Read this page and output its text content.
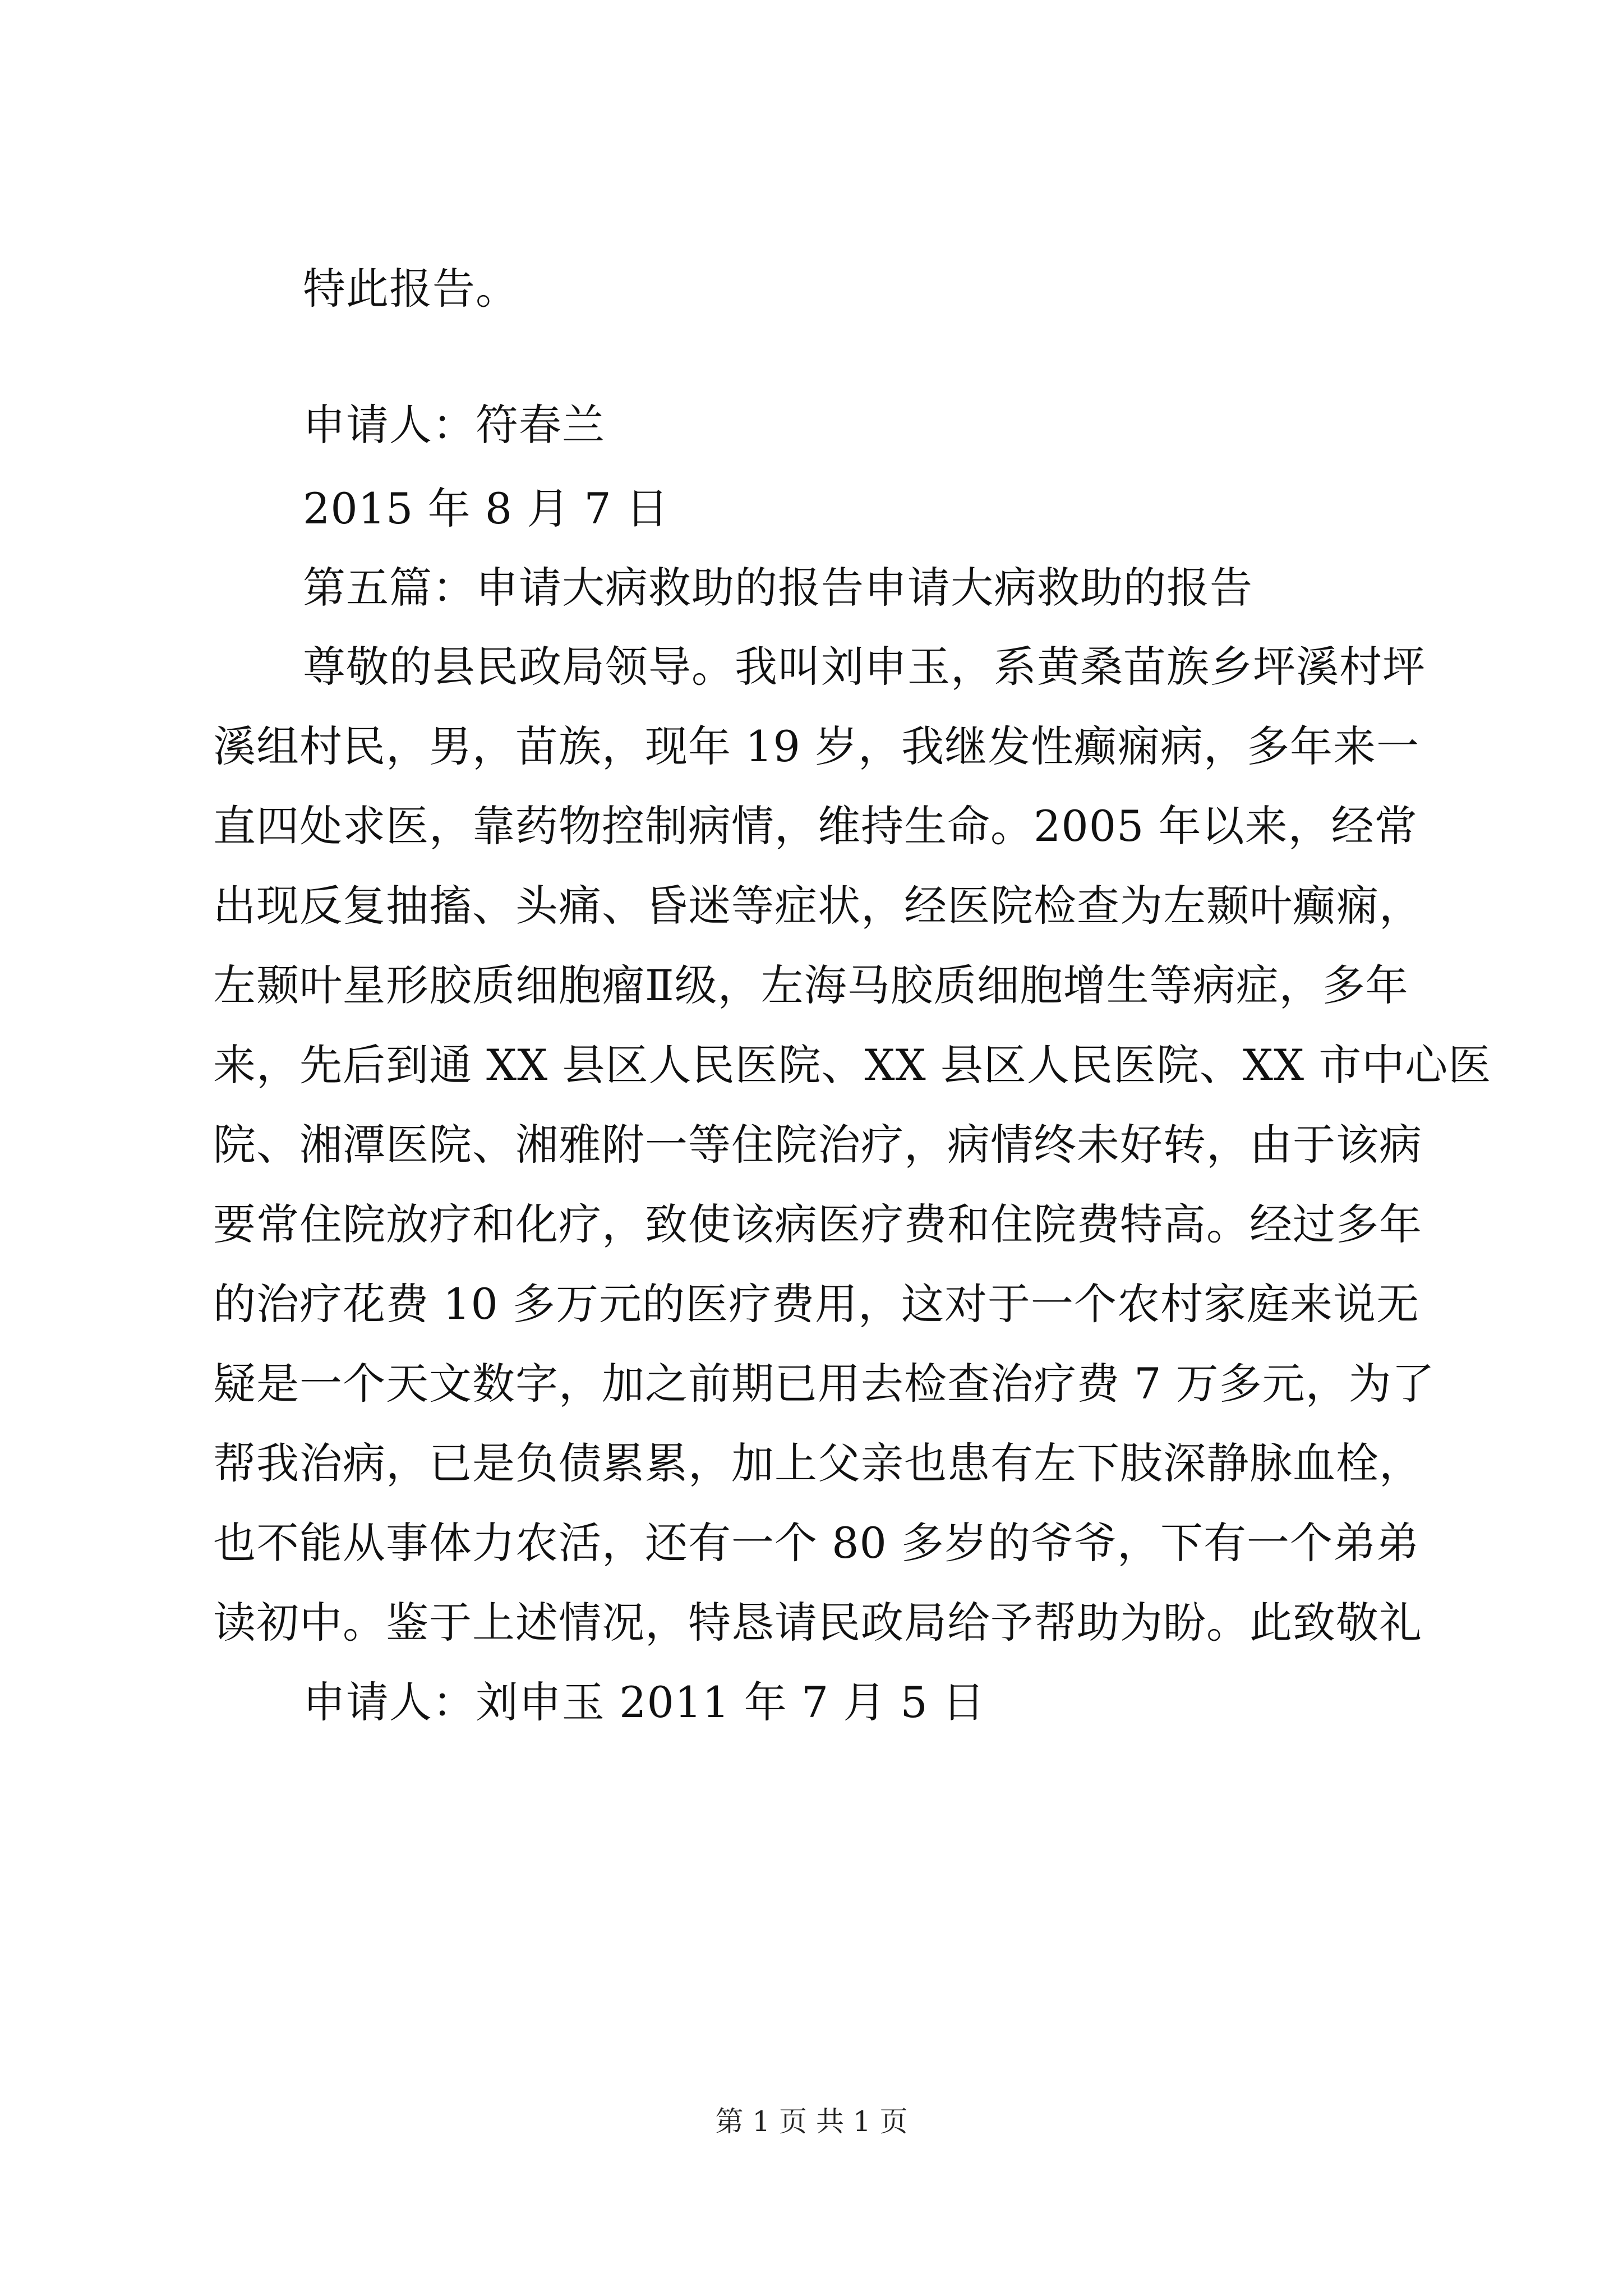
特此报告。
申请人：符春兰
2015 年 8 月 7 日
第五篇：申请大病救助的报告申请大病救助的报告
尊敬的县民政局领导。我叫刘申玉，系黄桑苗族乡坪溪村坪
溪组村民，男，苗族，现年 19 岁，我继发性癫痫病，多年来一
直四处求医，靠药物控制病情，维持生命。2005 年以来，经常
出现反复抽搐、头痛、昏迷等症状，经医院检查为左颞叶癫痫，
左颞叶星形胶质细胞瘤Ⅱ级，左海马胶质细胞增生等病症，多年
来，先后到通 XX 县区人民医院、XX 县区人民医院、XX 市中心医
院、湘潭医院、湘雅附一等住院治疗，病情终未好转，由于该病
要常住院放疗和化疗，致使该病医疗费和住院费特高。经过多年
的治疗花费 10 多万元的医疗费用，这对于一个农村家庭来说无
疑是一个天文数字，加之前期已用去检查治疗费 7 万多元，为了
帮我治病，已是负债累累，加上父亲也患有左下肢深静脉血栓，
也不能从事体力农活，还有一个 80 多岁的爷爷，下有一个弟弟
读初中。鉴于上述情况，特恳请民政局给予帮助为盼。此致敬礼
申请人：刘申玉 2011 年 7 月 5 日
第 1 页 共 1 页
